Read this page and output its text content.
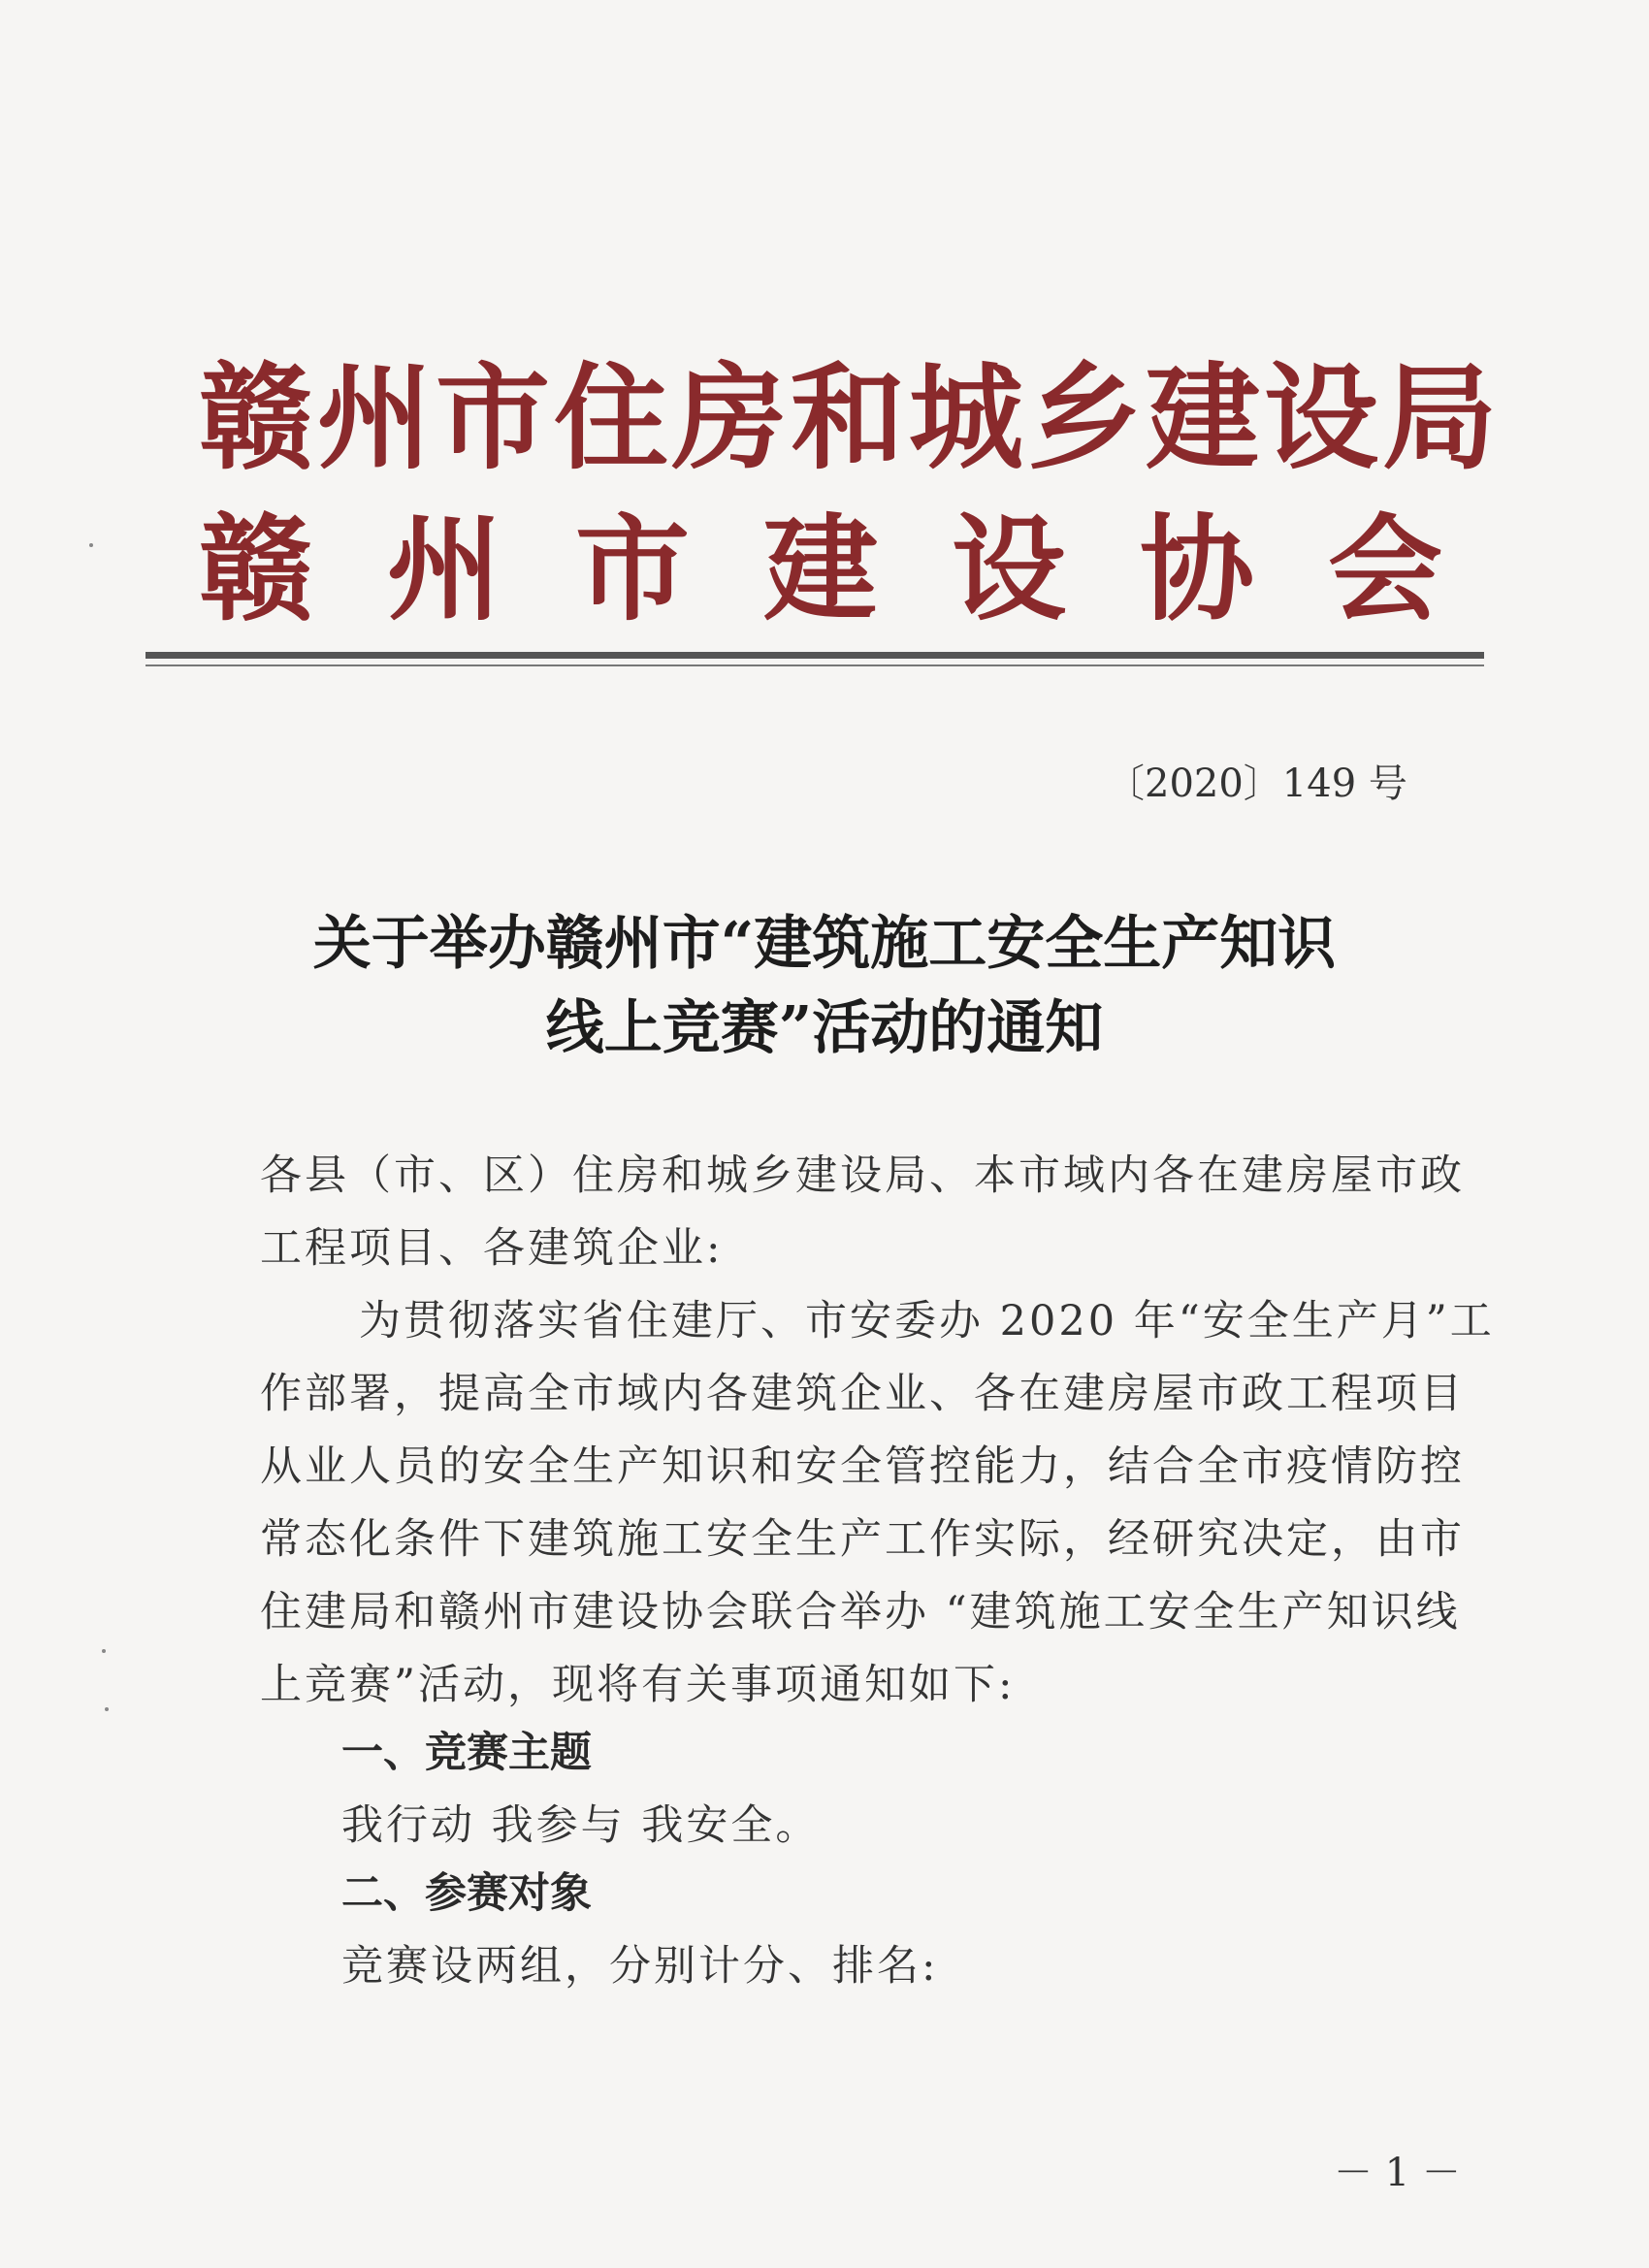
赣州市住房和城乡建设局
赣州市建设协会
〔2020〕149 号
关于举办赣州市“建筑施工安全生产知识
线上竞赛”活动的通知
各县（市、区）住房和城乡建设局、本市域内各在建房屋市政
工程项目、各建筑企业:
为贯彻落实省住建厅、市安委办 2020 年“安全生产月”工
作部署，提高全市域内各建筑企业、各在建房屋市政工程项目
从业人员的安全生产知识和安全管控能力，结合全市疫情防控
常态化条件下建筑施工安全生产工作实际，经研究决定，由市
住建局和赣州市建设协会联合举办 “建筑施工安全生产知识线
上竞赛”活动，现将有关事项通知如下:
一、竞赛主题
我行动 我参与 我安全。
二、参赛对象
竞赛设两组，分别计分、排名:
－ 1 －
